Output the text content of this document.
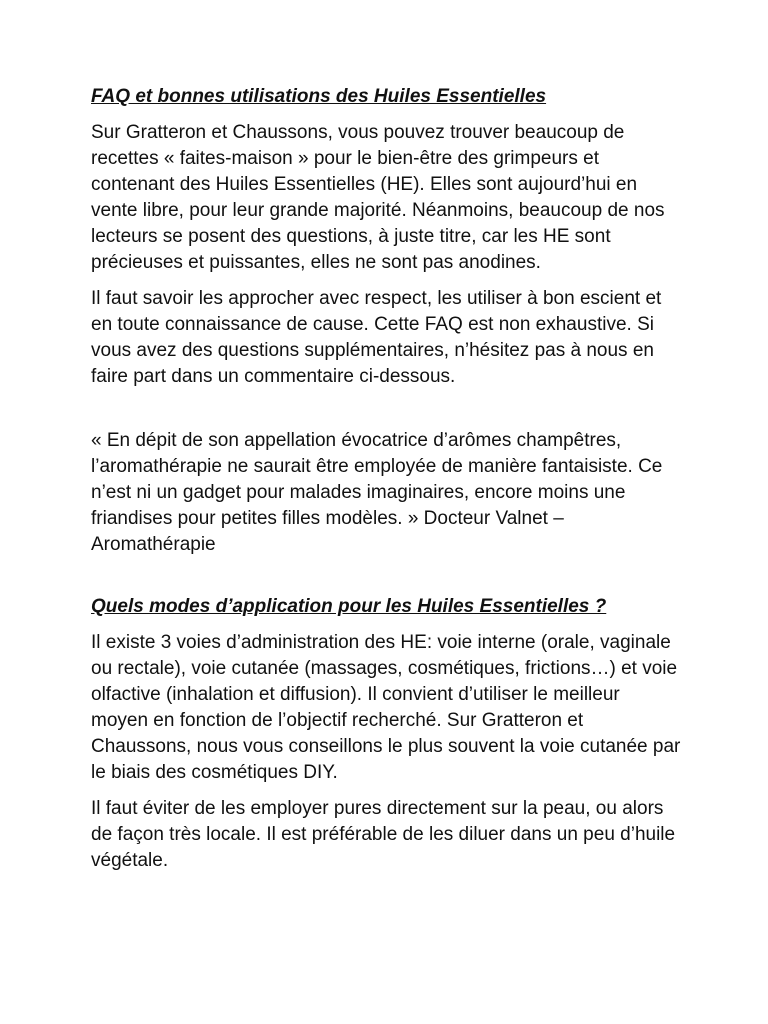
FAQ et bonnes utilisations des Huiles Essentielles

Sur Gratteron et Chaussons, vous pouvez trouver beaucoup de recettes « faites-maison » pour le bien-être des grimpeurs et contenant des Huiles Essentielles (HE). Elles sont aujourd’hui en vente libre, pour leur grande majorité. Néanmoins, beaucoup de nos lecteurs se posent des questions, à juste titre, car les HE sont précieuses et puissantes, elles ne sont pas anodines.

Il faut savoir les approcher avec respect, les utiliser à bon escient et en toute connaissance de cause. Cette FAQ est non exhaustive. Si vous avez des questions supplémentaires, n’hésitez pas à nous en faire part dans un commentaire ci-dessous.

« En dépit de son appellation évocatrice d’arômes champêtres, l’aromathérapie ne saurait être employée de manière fantaisiste. Ce n’est ni un gadget pour malades imaginaires, encore moins une friandises pour petites filles modèles. » Docteur Valnet – Aromathérapie

Quels modes d’application pour les Huiles Essentielles ?

Il existe 3 voies d’administration des HE: voie interne (orale, vaginale ou rectale), voie cutanée (massages, cosmétiques, frictions…) et voie olfactive (inhalation et diffusion). Il convient d’utiliser le meilleur moyen en fonction de l’objectif recherché. Sur Gratteron et Chaussons, nous vous conseillons le plus souvent la voie cutanée par le biais des cosmétiques DIY.

Il faut éviter de les employer pures directement sur la peau, ou alors de façon très locale. Il est préférable de les diluer dans un peu d’huile végétale.
